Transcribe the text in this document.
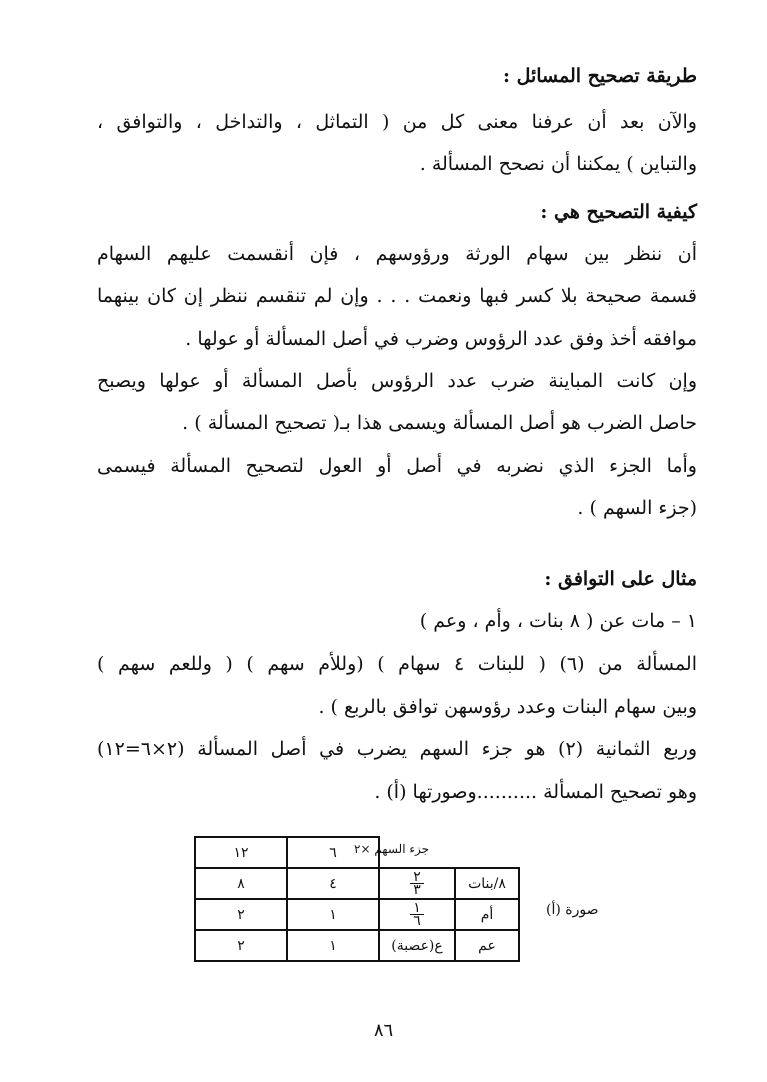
طريقة تصحيح المسائل :
والآن بعد أن عرفنا معنى كل من ( التماثل ، والتداخل ، والتوافق ،
والتباين ) يمكننا أن نصحح المسألة .
كيفية التصحيح هي :
أن ننظر بين سهام الورثة ورؤوسهم ، فإن أنقسمت عليهم السهام
قسمة صحيحة بلا كسر فبها ونعمت . . . وإن لم تنقسم ننظر إن كان بينهما
موافقه أخذ وفق عدد الرؤوس وضرب في أصل المسألة أو عولها .
وإن كانت المباينة ضرب عدد الرؤوس بأصل المسألة أو عولها ويصبح
حاصل الضرب هو أصل المسألة ويسمى هذا بـ( تصحيح المسألة ) .
وأما الجزء الذي نضربه في أصل أو العول لتصحيح المسألة فيسمى
(جزء السهم ) .
مثال على التوافق :
١ – مات عن ( ٨ بنات ، وأم ، وعم )
المسألة من (٦) ( للبنات ٤ سهام ) (وللأم سهم ) ( وللعم سهم )
وبين سهام البنات وعدد رؤوسهن توافق بالربع ) .
وربع الثمانية (٢) هو جزء السهم يضرب في أصل المسألة (٢×٦=١٢)
وهو تصحيح المسألة ..........وصورتها (أ) .
جزء السهم ×٢
		٦	١٢
٨/بنات	$\frac{٢}{٣}$	٤	٨
أم	$\frac{١}{٦}$	١	٢
عم	ع(عصبة)	١	٢
صورة (أ)
٨٦
